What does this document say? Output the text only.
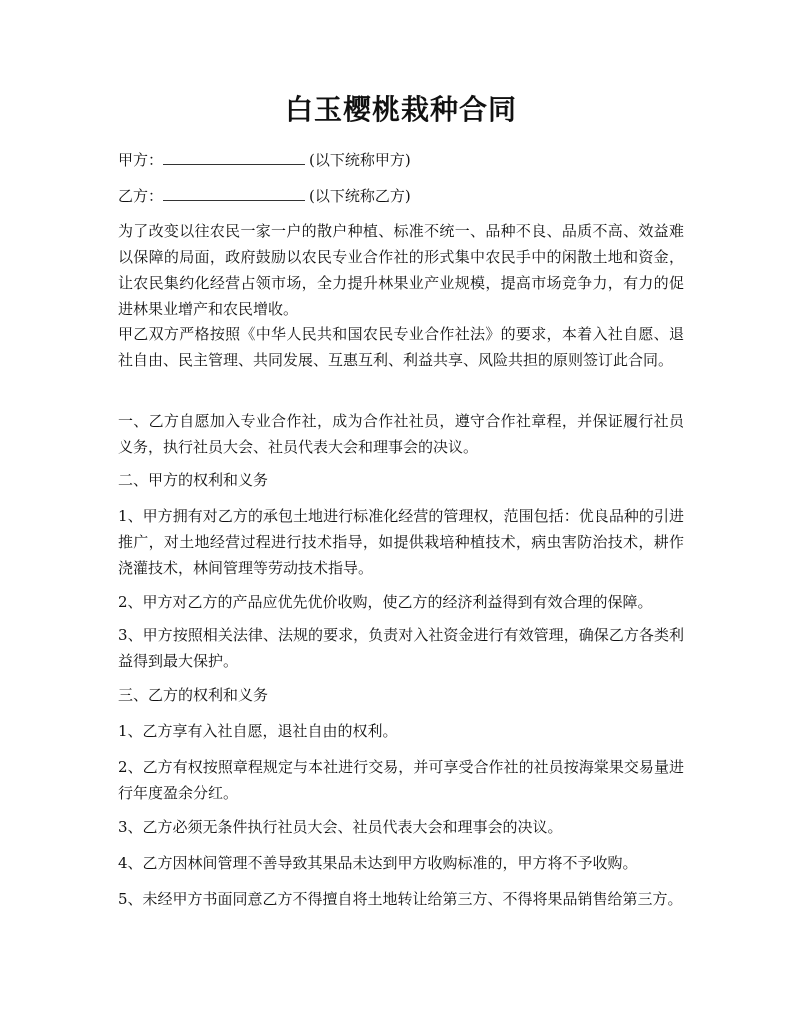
白玉樱桃栽种合同

甲方：	(以下统称甲方)

乙方：	(以下统称乙方)

为了改变以往农民一家一户的散户种植、标准不统一、品种不良、品质不高、效益难以保障的局面，政府鼓励以农民专业合作社的形式集中农民手中的闲散土地和资金，让农民集约化经营占领市场，全力提升林果业产业规模，提高市场竞争力，有力的促进林果业增产和农民增收。

甲乙双方严格按照《中华人民共和国农民专业合作社法》的要求，本着入社自愿、退社自由、民主管理、共同发展、互惠互利、利益共享、风险共担的原则签订此合同。

一、乙方自愿加入专业合作社，成为合作社社员，遵守合作社章程，并保证履行社员义务，执行社员大会、社员代表大会和理事会的决议。

二、甲方的权利和义务

1、甲方拥有对乙方的承包土地进行标准化经营的管理权，范围包括：优良品种的引进推广，对土地经营过程进行技术指导，如提供栽培种植技术，病虫害防治技术，耕作浇灌技术，林间管理等劳动技术指导。

2、甲方对乙方的产品应优先优价收购，使乙方的经济利益得到有效合理的保障。

3、甲方按照相关法律、法规的要求，负责对入社资金进行有效管理，确保乙方各类利益得到最大保护。

三、乙方的权利和义务

1、乙方享有入社自愿，退社自由的权利。

2、乙方有权按照章程规定与本社进行交易，并可享受合作社的社员按海棠果交易量进行年度盈余分红。

3、乙方必须无条件执行社员大会、社员代表大会和理事会的决议。

4、乙方因林间管理不善导致其果品未达到甲方收购标准的，甲方将不予收购。

5、未经甲方书面同意乙方不得擅自将土地转让给第三方、不得将果品销售给第三方。
